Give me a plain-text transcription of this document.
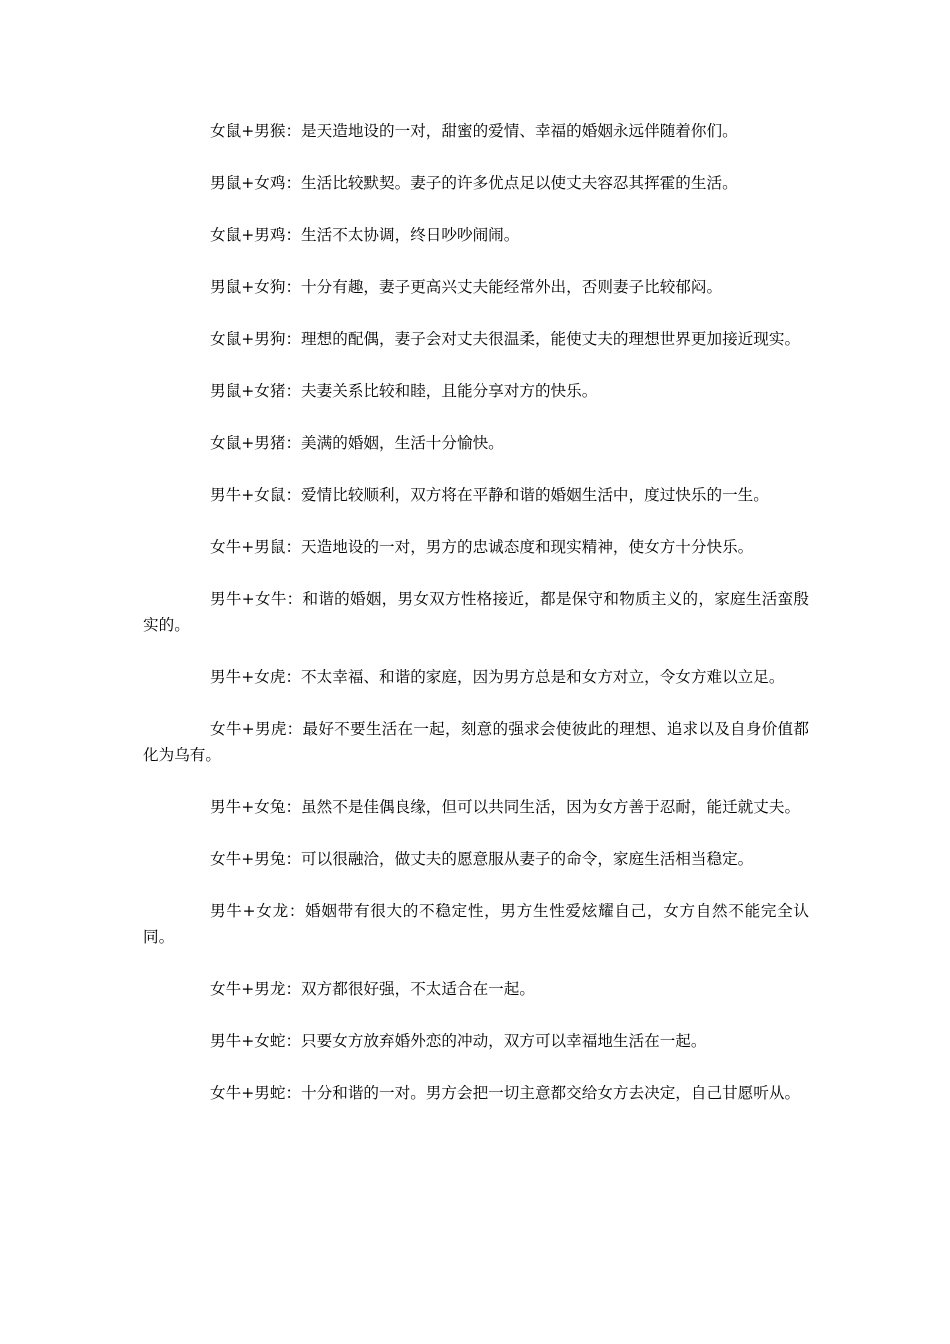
女鼠+男猴：是天造地设的一对，甜蜜的爱情、幸福的婚姻永远伴随着你们。

男鼠+女鸡：生活比较默契。妻子的许多优点足以使丈夫容忍其挥霍的生活。

女鼠+男鸡：生活不太协调，终日吵吵闹闹。

男鼠+女狗：十分有趣，妻子更高兴丈夫能经常外出，否则妻子比较郁闷。

女鼠+男狗：理想的配偶，妻子会对丈夫很温柔，能使丈夫的理想世界更加接近现实。

男鼠+女猪：夫妻关系比较和睦，且能分享对方的快乐。

女鼠+男猪：美满的婚姻，生活十分愉快。

男牛+女鼠：爱情比较顺利，双方将在平静和谐的婚姻生活中，度过快乐的一生。

女牛+男鼠：天造地设的一对，男方的忠诚态度和现实精神，使女方十分快乐。

男牛+女牛：和谐的婚姻，男女双方性格接近，都是保守和物质主义的，家庭生活蛮殷实的。

男牛+女虎：不太幸福、和谐的家庭，因为男方总是和女方对立，令女方难以立足。

女牛+男虎：最好不要生活在一起，刻意的强求会使彼此的理想、追求以及自身价值都化为乌有。

男牛+女兔：虽然不是佳偶良缘，但可以共同生活，因为女方善于忍耐，能迁就丈夫。

女牛+男兔：可以很融洽，做丈夫的愿意服从妻子的命令，家庭生活相当稳定。

男牛+女龙：婚姻带有很大的不稳定性，男方生性爱炫耀自己，女方自然不能完全认同。

女牛+男龙：双方都很好强，不太适合在一起。

男牛+女蛇：只要女方放弃婚外恋的冲动，双方可以幸福地生活在一起。

女牛+男蛇：十分和谐的一对。男方会把一切主意都交给女方去决定，自己甘愿听从。
